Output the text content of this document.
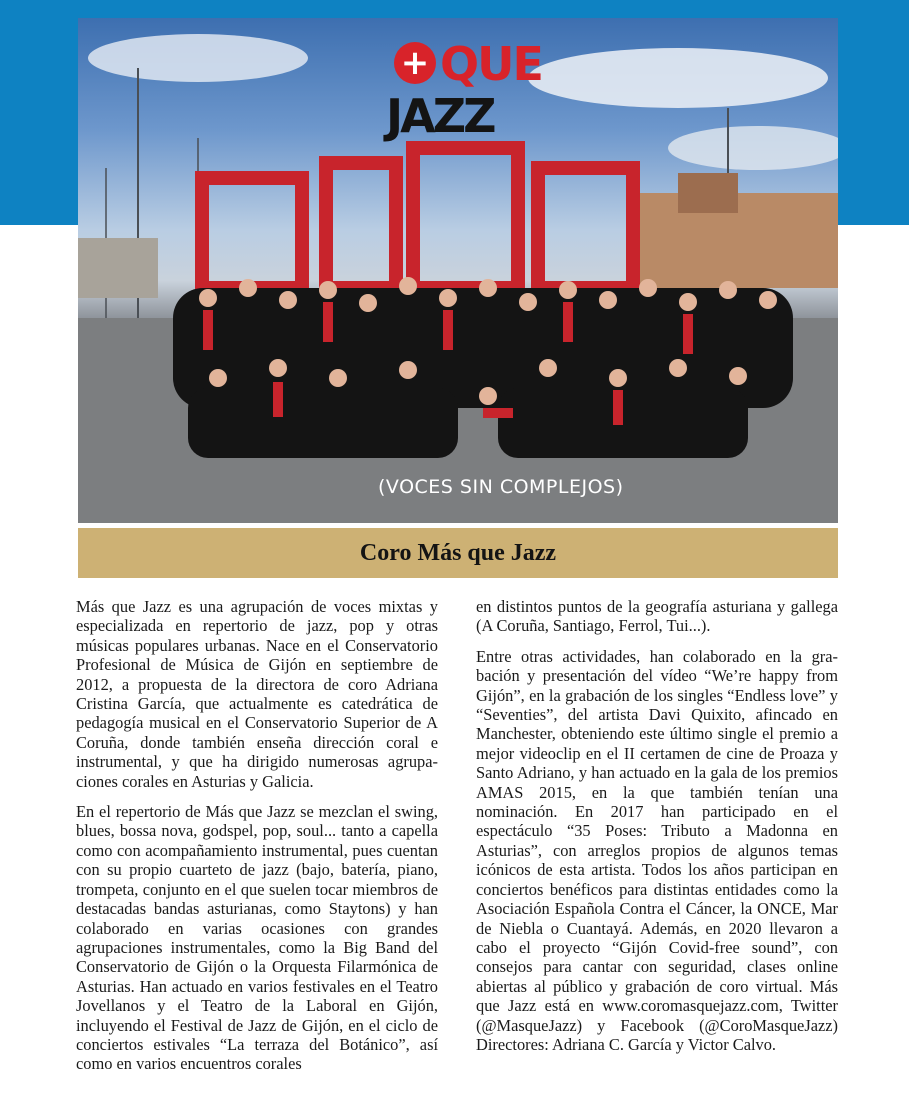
+ QUE
JAZZ
(VOCES SIN COMPLEJOS)
Coro Más que Jazz

Más que Jazz es una agrupación de voces mixtas y especializada en repertorio de jazz, pop y otras músicas populares urbanas. Nace en el Conservatorio Profesional de Música de Gijón en septiembre de 2012, a propuesta de la directora de coro Adriana Cristina García, que actualmente es catedrática de pedagogía musical en el Conservatorio Superior de A Coruña, donde también enseña dirección coral e instrumental, y que ha dirigido numerosas agrupaciones corales en Asturias y Galicia.

En el repertorio de Más que Jazz se mezclan el swing, blues, bossa nova, godspel, pop, soul... tanto a capella como con acompañamiento instrumental, pues cuentan con su propio cuarteto de jazz (bajo, batería, piano, trompeta, conjunto en el que suelen tocar miembros de destacadas bandas asturianas, como Staytons) y han colaborado en varias ocasiones con grandes agrupaciones instrumentales, como la Big Band del Conservatorio de Gijón o la Orquesta Filarmónica de Asturias. Han actuado en varios festivales en el Teatro Jovellanos y el Teatro de la Laboral en Gijón, incluyendo el Festival de Jazz de Gijón, en el ciclo de conciertos estivales “La terraza del Botánico”, así como en varios encuentros corales

en distintos puntos de la geografía asturiana y gallega (A Coruña, Santiago, Ferrol, Tui...).

Entre otras actividades, han colaborado en la grabación y presentación del vídeo “We’re happy from Gijón”, en la grabación de los singles “Endless love” y “Seventies”, del artista Davi Quixito, afincado en Manchester, obteniendo este último single el premio a mejor videoclip en el II certamen de cine de Proaza y Santo Adriano, y han actuado en la gala de los premios AMAS 2015, en la que también tenían una nominación. En 2017 han participado en el espectáculo “35 Poses: Tributo a Madonna en Asturias”, con arreglos propios de algunos temas icónicos de esta artista. Todos los años participan en conciertos benéficos para distintas entidades como la Asociación Española Contra el Cáncer, la ONCE, Mar de Niebla o Cuantayá. Además, en 2020 llevaron a cabo el proyecto “Gijón Covid-free sound”, con consejos para cantar con seguridad, clases online abiertas al público y grabación de coro virtual. Más que Jazz está en www.coromasquejazz.com, Twitter (@MasqueJazz) y Facebook (@CoroMasqueJazz) Directores: Adriana C. García y Victor Calvo.
